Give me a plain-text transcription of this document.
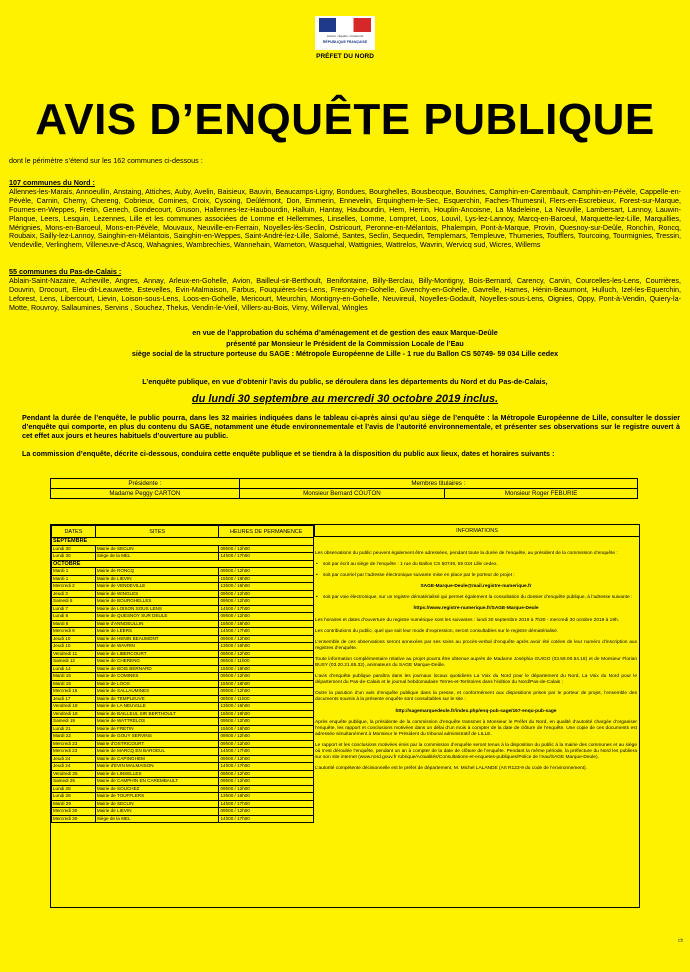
Liberté • Égalité • Fraternité
RÉPUBLIQUE FRANÇAISE
PRÉFET DU NORD
AVIS D’ENQUÊTE PUBLIQUE
dont le périmètre s’étend sur les 162 communes ci-dessous :
107 communes du Nord :
Allennes-les-Marais, Annoeullin, Anstaing, Attiches, Auby, Avelin, Baisieux, Bauvin, Beaucamps-Ligny, Bondues, Bourghelles, Bousbecque, Bouvines, Camphin-en-Carembault, Camphin-en-Pévèle, Cappelle-en-Pévèle, Carnin, Chemy, Chereng, Cobrieux, Comines, Croix, Cysoing, Deûlémont, Don, Emmerin, Ennevelin, Erquinghem-le-Sec, Esquerchin, Faches-Thumesnil, Flers-en-Escrebieux, Forest-sur-Marque, Fournes-en-Weppes, Fretin, Genech, Gondecourt, Gruson, Hallennes-lez-Haubourdin, Halluin, Hantay, Haubourdin, Hem, Herrin, Houplin-Ancoisne, La Madeleine, La Neuville, Lambersart, Lannoy, Lauwin-Planque, Leers, Lesquin, Lezennes, Lille et les communes associées de Lomme et Hellemmes, Linselles, Lomme, Lompret, Loos, Louvil, Lys-lez-Lannoy, Marcq-en-Baroeul, Marquette-lez-Lille, Marquillies, Mérignies, Mons-en-Baroeul, Mons-en-Pévèle, Mouvaux, Neuville-en-Ferrain, Noyelles-lès-Seclin, Ostricourt, Peronne-en-Mélantois, Phalempin, Pont-à-Marque, Provin, Quesnoy-sur-Deûle, Ronchin, Roncq, Roubaix, Sailly-lez-Lannoy, Sainghin-en-Mélantois, Sainghin-en-Weppes, Saint-André-lez-Lille, Salomé, Santes, Seclin, Sequedin, Templemars, Templeuve, Thumeries, Toufflers, Tourcoing, Tourmignies, Tressin, Vendeville, Verlinghem, Villeneuve-d'Ascq, Wahagnies, Wambrechies, Wannehain, Warneton, Wasquehal, Wattignies, Wattrelos, Wavrin, Wervicq sud, Wicres, Willems
55 communes du Pas-de-Calais :
Ablain-Saint-Nazaire, Acheville, Angres, Annay, Arleux-en-Gohelle, Avion, Bailleul-sir-Berthoult, Benifontaine, Billy-Berclau, Billy-Montigny, Bois-Bernard, Carency, Carvin, Courcelles-les-Lens, Courrières, Douvrin, Drocourt, Eleu-dit-Leauwette, Estevelles, Evin-Malmaison, Farbus, Fouquières-les-Lens, Fresnoy-en-Gohelle, Givenchy-en-Gohelle, Gavrelle, Hames, Hénin-Beaumont, Hulluch, Izel-les-Equerchin, Leforest, Lens, Libercourt, Lievin, Loison-sous-Lens, Loos-en-Gohelle, Mericourt, Meurchin, Montigny-en-Gohelle, Neuvireuil, Noyelles-Godault, Noyelles-sous-Lens, Oignies, Oppy, Pont-à-Vendin, Quiery-la-Motte, Rouvroy, Sallaumines, Servins , Souchez, Thelus, Vendin-le-Vieil, Villers-au-Bois, Vimy, Willerval, Wingles
en vue de l’approbation du schéma d’aménagement et de gestion des eaux Marque-Deûle
présenté par Monsieur le Président de la Commission Locale de l’Eau
siège social de la structure porteuse du SAGE : Métropole Européenne de Lille - 1 rue du Ballon CS 50749- 59 034 Lille cedex
L’enquête publique, en vue d’obtenir l’avis du public, se déroulera dans les départements du Nord et du Pas-de-Calais,
du lundi 30 septembre au mercredi 30 octobre 2019 inclus.
Pendant la durée de l’enquête, le public pourra, dans les 32 mairies indiquées dans le tableau ci-après ainsi qu’au siège de l’enquête : la Métropole Européenne de Lille, consulter le dossier d’enquête qui comporte, en plus du contenu du SAGE, notamment une étude environnementale et l’avis de l’autorité environnementale, et présenter ses observations sur le registre ouvert à cet effet aux jours et heures habituels d’ouverture au public.
La commission d’enquête, décrite ci-dessous, conduira cette enquête publique et se tiendra à la disposition du public aux lieux, dates et horaires suivants :
Présidente :	Membres titulaires :	
Madame Peggy CARTON	Monsieur Bernard COUTON	Monsieur Roger FEBURIE
DATES	SITES	HEURES DE PERMANENCE
SEPTEMBRE		
Lundi 30	Mairie de SECLIN	09h00 / 12h00
Lundi 30	Siège de la MEL	14h00 / 17h00
OCTOBRE		
Mardi 1	Mairie de RONCQ	09h00 / 12h00
Mardi 1	Mairie de LIEVIN	15h00 / 18h00
Mercredi 2	Mairie de VENDEVILLE	13h00 / 16h00
Jeudi 3	Mairie de WINGLES	09h00 / 12h00
Samedi 5	Mairie de BOURGHELLES	09h00 / 12h00
Lundi 7	Mairie de LOISON SOUS LENS	14h00 / 17h00
Lundi 8	Mairie de QUESNOY SUR DEULE	09h00 / 12h00
Mardi 8	Mairie d'ANNOEULLIN	15h00 / 18h00
Mercredi 9	Mairie de LEERS	14h00 / 17h00
Jeudi 10	Mairie de HENIN BEAUMONT	09h00 / 12h00
Jeudi 10	Mairie de WAVRIN	13h00 / 16h00
Vendredi 11	Mairie de LIBERCOURT	09h00 / 12h00
Samedi 12	Mairie de CHERENG	08h00 / 11h00
Lundi 14	Mairie de BOIS BERNARD	15h00 / 18h00
Mardi 15	Mairie de COMINES	09h00 / 12h00
Mardi 15	Mairie de LOOS	15h00 / 18h00
Mercredi 16	Mairie de SALLAUMINES	09h00 / 12h00
Jeudi 17	Mairie de TEMPLEUVE	08h00 / 11h00
Vendredi 18	Mairie de LA NEUVILLE	13h00 / 16h00
Vendredi 18	Mairie de BAILLEUL SIR BERTHOULT	15h00 / 18h00
Samedi 19	Mairie de WATTRELOS	09h00 / 12h00
Lundi 21	Mairie de FRETIN	15h00 / 18h00
Mardi 22	Mairie de GOUY SERVINS	09h00 / 12h00
Mercredi 23	Mairie d'OSTRICOURT	09h00 / 12h00
Mercredi 23	Mairie de MARCQ EN BAROEUL	14h00 / 17h00
Jeudi 24	Mairie de CAPINGHEM	09h00 / 12h00
Jeudi 24	Mairie d'EVIN MALMAISON	14h00 / 17h00
Vendredi 25	Mairie de LINSELLES	09h00 / 12h00
Samedi 26	Mairie de CAMPHIN EN CAREMBAULT	09h00 / 12h00
Lundi 28	Mairie de SOUCHEZ	09h00 / 12h00
Lundi 28	Mairie de TOUFFLERS	13h00 / 16h00
Mardi 29	Mairie de SECLIN	14h00 / 17h00
Mercredi 30	Mairie de LIEVIN	09h00 / 12h00
Mercredi 30	Siège de la MEL	14h00 / 17h00
INFORMATIONS

Les observations du public peuvent également être adressées, pendant toute la durée de l’enquête, au président de la commission d’enquête :

• soit par écrit au siège de l’enquête : 1 rue du Ballon CS 50749, 59 034 Lille cedex.

• soit par courriel par l’adresse électronique suivante mise en place par le porteur de projet :

SAGE-Marque-Deule@mail.registre-numerique.fr

• soit par voie électronique, sur un registre dématérialisé qui permet également la consultation du dossier d’enquête publique, à l’adresse suivante :

https://www.registre-numerique.fr/SAGE-Marque-Deule

Les horaires et dates d’ouverture du registre numérique sont les suivantes : lundi 30 septembre 2019 à 7h30 - mercredi 30 octobre 2019 à 19h.

Les contributions du public, quel que soit leur mode d’expression, seront consultables sur le registre dématérialisé.

L’ensemble de ces observations seront annexées par ses soins au procès-verbal d’enquête après avoir été cotées de leur numéro d’inscription aux registres d’enquête.

Toute information complémentaire relative au projet pourra être obtenue auprès de Madame Joséphia GUIGO (03.59.00.64.18) et de Monsieur Florian BUSY (03.20.21.65.32), animateurs du SAGE Marque-Deûle.

L’avis d’enquête publique paraîtra dans les journaux locaux quotidiens La Voix du Nord pour le département du Nord, La Voix du Nord pour le département du Pas-de-Calais et le journal hebdomadaire Terres-et-Territoires dans l’édition du Nord/Pas-de-Calais ;

Outre la parution d’un avis d’enquête publique dans la presse, et conformément aux dispositions prises par le porteur de projet, l’ensemble des documents soumis à la présente enquête sont consultables sur le site :

http://sagemarquedeule.fr/index.php/enq-pub-sage/167-enqu-pub-sage

Après enquête publique, la présidente de la commission d’enquête transmet à Monsieur le Préfet du Nord, en qualité d’autorité chargée d’organiser l’enquête, les rapport et conclusions motivées dans un délai d’un mois à compter de la date de clôture de l’enquête. Une copie de ces documents est adressée simultanément à Monsieur le Président du tribunal administratif de LILLE.

Le rapport et les conclusions motivées émis par la commission d’enquête seront tenus à la disposition du public à la mairie des communes et au siège où s’est déroulée l’enquête, pendant un an à compter de la date de clôture de l’enquête. Pendant la même période, la préfecture du Nord les publiera sur son site internet (www.nord.gouv.fr rubrique/Actualités/Consultations-et-enquetes-publiques/Police de l’eau/SAGE Marque-Deule).

L’autorité compétente décisionnelle est le préfet de département, M. Michel LALANDE (Art R123-9 du code de l’environnement).

ch
